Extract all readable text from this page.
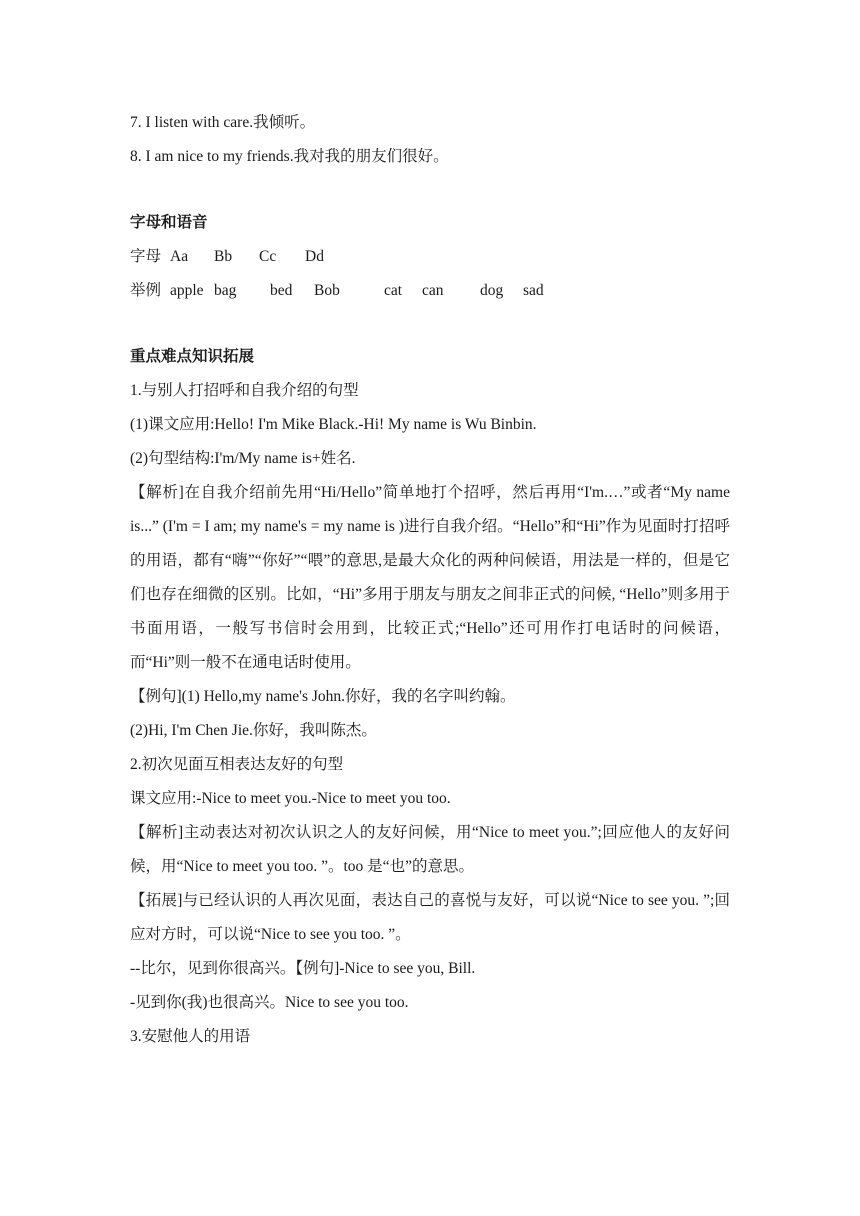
7. I listen with care.我倾听。
8. I am nice to my friends.我对我的朋友们很好。
字母和语音
字母 Aa Bb Cc Dd
举例 apple bag bed Bob	cat can dog sad
重点难点知识拓展
1.与别人打招呼和自我介绍的句型
(1)课文应用:Hello! I'm Mike Black.-Hi! My name is Wu Binbin.
(2)句型结构:I'm/My name is+姓名.
【解析]在自我介绍前先用“Hi/Hello”简单地打个招呼，然后再用“I'm.…”或者“My name is...” (I'm = I am; my name's = my name is )进行自我介绍。“Hello”和“Hi”作为见面时打招呼的用语，都有“嗨”“你好”“喂”的意思,是最大众化的两种问候语，用法是一样的，但是它们也存在细微的区别。比如，“Hi”多用于朋友与朋友之间非正式的问候, “Hello”则多用于书面用语，一般写书信时会用到，比较正式;“Hello”还可用作打电话时的问候语，而“Hi”则一般不在通电话时使用。
【例句](1) Hello,my name's John.你好，我的名字叫约翰。
(2)Hi, I'm Chen Jie.你好，我叫陈杰。
2.初次见面互相表达友好的句型
课文应用:-Nice to meet you.-Nice to meet you too.
【解析]主动表达对初次认识之人的友好问候，用“Nice to meet you.”;回应他人的友好问候，用“Nice to meet you too. ”。too 是“也”的意思。
【拓展]与已经认识的人再次见面，表达自己的喜悦与友好，可以说“Nice to see you. ”;回应对方时，可以说“Nice to see you too. ”。
--比尔，见到你很高兴。【例句]-Nice to see you, Bill.
-见到你(我)也很高兴。Nice to see you too.
3.安慰他人的用语
